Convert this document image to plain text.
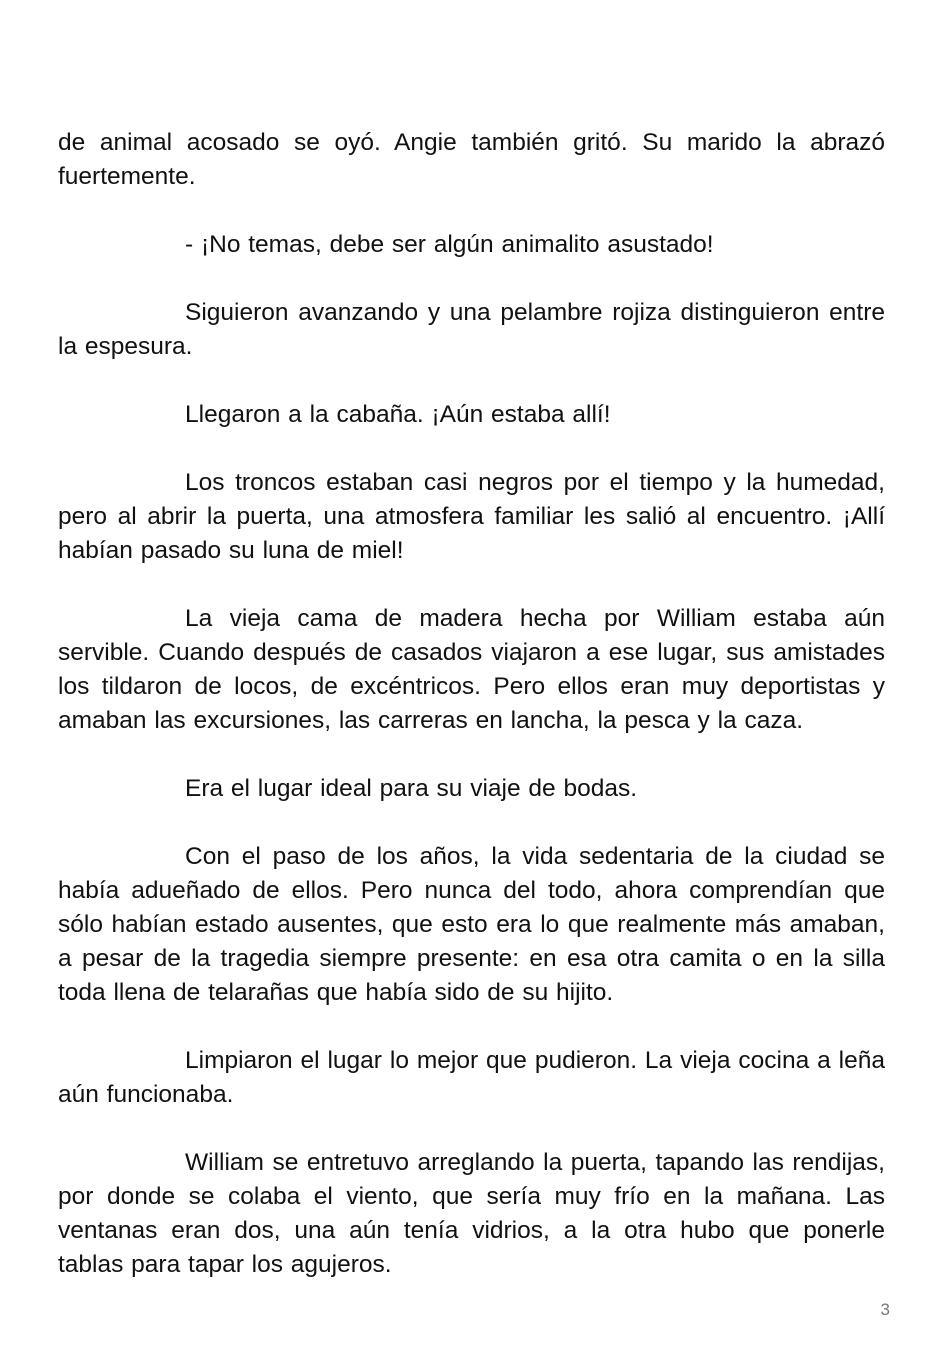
de animal acosado se oyó. Angie también gritó. Su marido la abrazó fuertemente.

- ¡No temas, debe ser algún animalito asustado!

Siguieron avanzando y una pelambre rojiza distinguieron entre la espesura.

Llegaron a la cabaña. ¡Aún estaba allí!

Los troncos estaban casi negros por el tiempo y la humedad, pero al abrir la puerta, una atmosfera familiar les salió al encuentro. ¡Allí habían pasado su luna de miel!

La vieja cama de madera hecha por William estaba aún servible. Cuando después de casados viajaron a ese lugar, sus amistades los tildaron de locos, de excéntricos. Pero ellos eran muy deportistas y amaban las excursiones, las carreras en lancha, la pesca y la caza.

Era el lugar ideal para su viaje de bodas.

Con el paso de los años, la vida sedentaria de la ciudad se había adueñado de ellos. Pero nunca del todo, ahora comprendían que sólo habían estado ausentes, que esto era lo que realmente más amaban, a pesar de la tragedia siempre presente: en esa otra camita o en la silla toda llena de telarañas que había sido de su hijito.

Limpiaron el lugar lo mejor que pudieron. La vieja cocina a leña aún funcionaba.

William se entretuvo arreglando la puerta, tapando las rendijas, por donde se colaba el viento, que sería muy frío en la mañana. Las ventanas eran dos, una aún tenía vidrios, a la otra hubo que ponerle tablas para tapar los agujeros.

3
